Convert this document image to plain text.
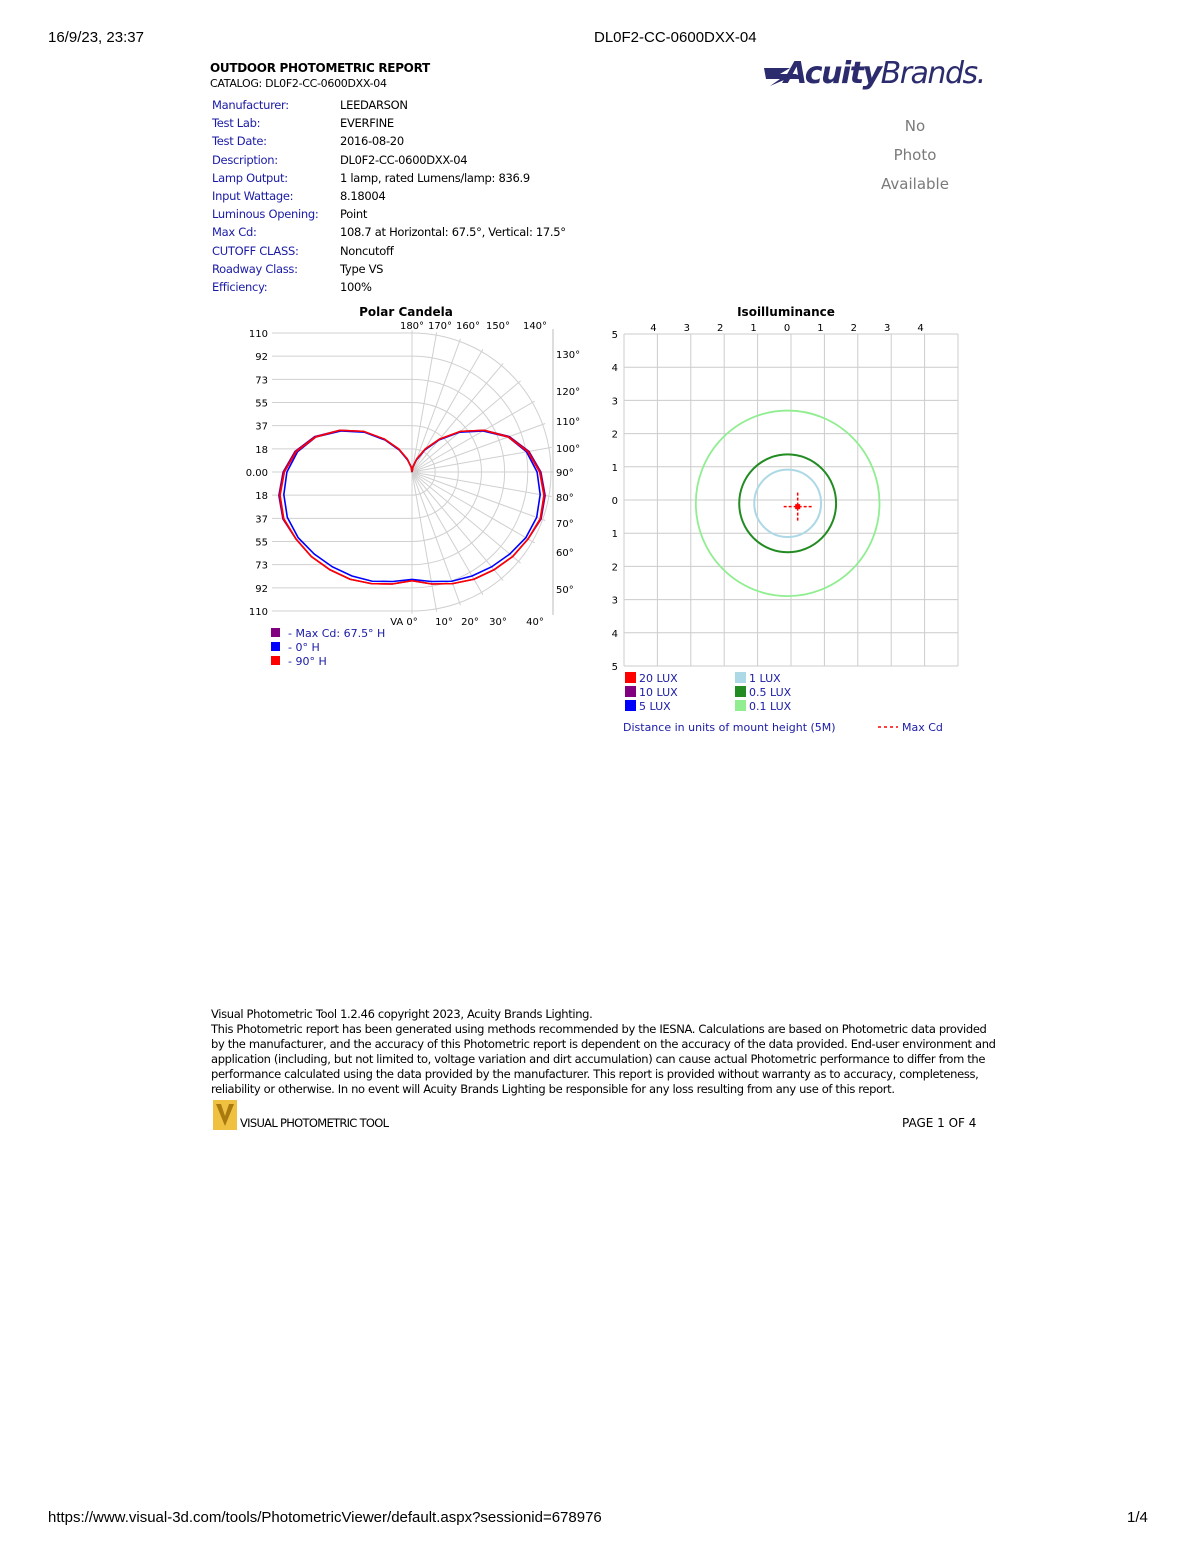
16/9/23, 23:37	DL0F2-CC-0600DXX-04
OUTDOOR PHOTOMETRIC REPORT
CATALOG: DL0F2-CC-0600DXX-04	AcuityBrands.
No
Photo
Available
Manufacturer:	LEEDARSON
Test Lab:	EVERFINE
Test Date:	2016-08-20
Description:	DL0F2-CC-0600DXX-04
Lamp Output:	1 lamp, rated Lumens/lamp: 836.9
Input Wattage:	8.18004
Luminous Opening: Point
Max Cd:	108.7 at Horizontal: 67.5°, Vertical: 17.5°
CUTOFF CLASS:	Noncutoff
Roadway Class:	Type VS
Efficiency:	100%
Polar Candela
110
92
73
55
37
18
0.00
18
37
55
73
92
110
180° 170° 160° 150° 140°
130°
120°
110°
100°
90°
80°
70°
60°
50°
VA 0° 10° 20° 30° 40°
- Max Cd: 67.5° H
- 0° H
- 90° H
Isoilluminance
4	3	2	1	0	1	2	3	4
5
4
3
2
1
0
1
2
3
4
5
20 LUX	1 LUX
10 LUX	0.5 LUX
5 LUX	0.1 LUX
Distance in units of mount height (5M)	Max Cd
Visual Photometric Tool 1.2.46 copyright 2023, Acuity Brands Lighting.
This Photometric report has been generated using methods recommended by the IESNA. Calculations are based on Photometric data provided by the manufacturer, and the accuracy of this Photometric report is dependent on the accuracy of the data provided. End-user environment and application (including, but not limited to, voltage variation and dirt accumulation) can cause actual Photometric performance to differ from the performance calculated using the data provided by the manufacturer. This report is provided without warranty as to accuracy, completeness, reliability or otherwise. In no event will Acuity Brands Lighting be responsible for any loss resulting from any use of this report.
VISUAL PHOTOMETRIC TOOL	PAGE 1 OF 4
https://www.visual-3d.com/tools/PhotometricViewer/default.aspx?sessionid=678976	1/4
